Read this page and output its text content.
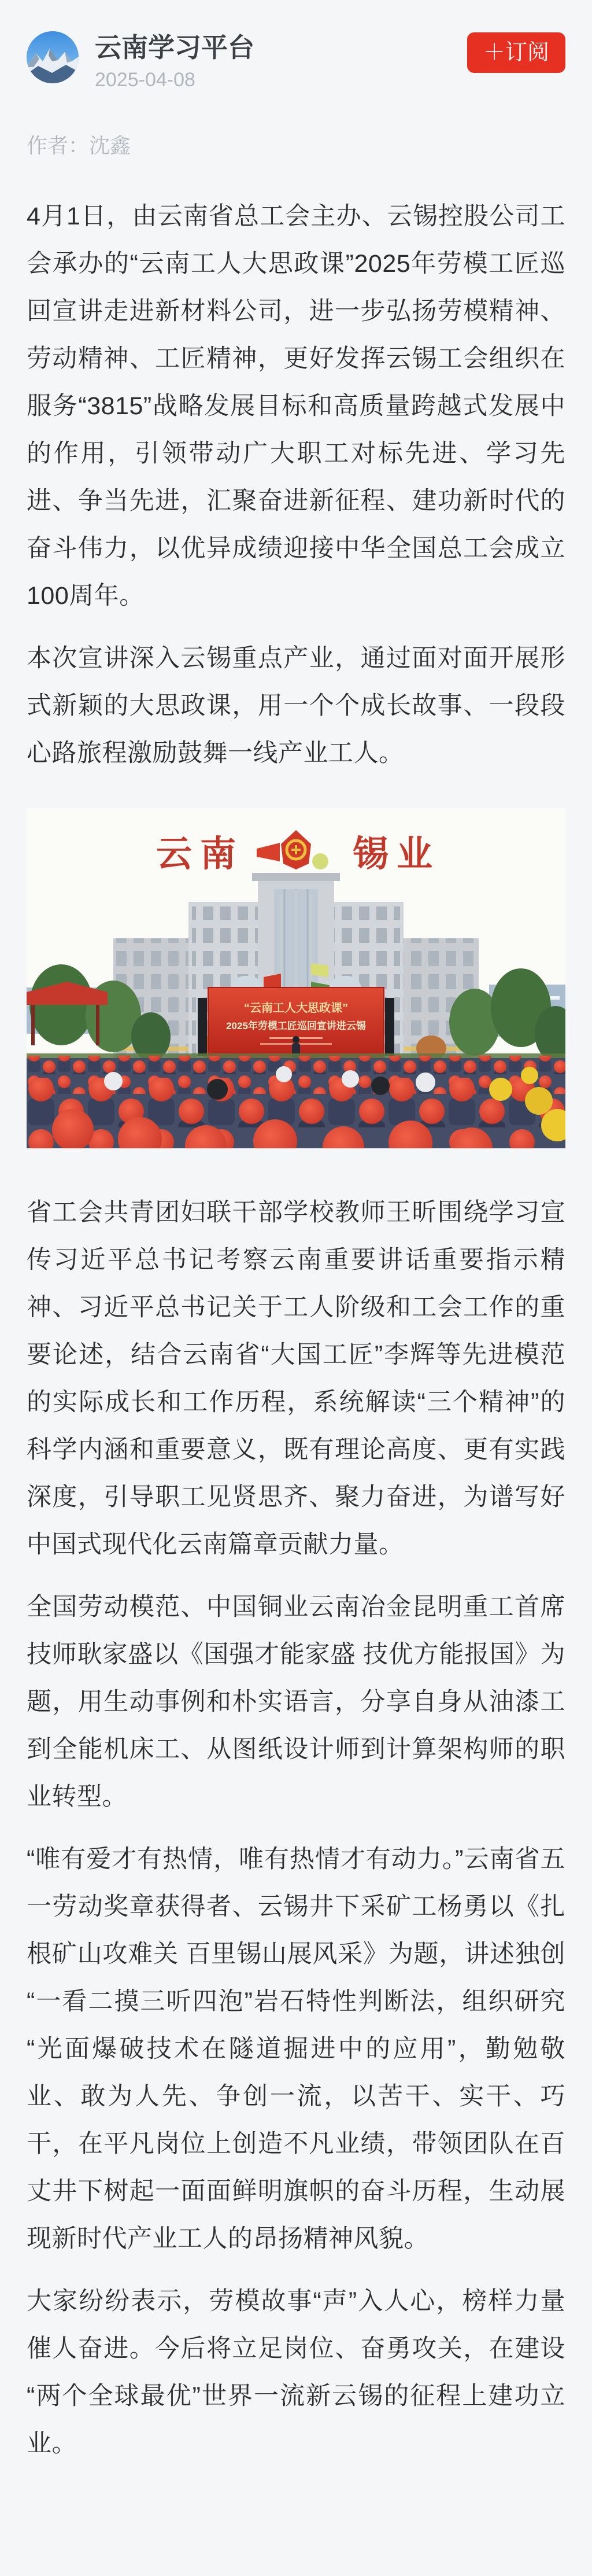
云南学习平台
2025-04-08
＋订阅
作者：沈鑫

4月1日，由云南省总工会主办、云锡控股公司工会承办的“云南工人大思政课”2025年劳模工匠巡回宣讲走进新材料公司，进一步弘扬劳模精神、劳动精神、工匠精神，更好发挥云锡工会组织在服务“3815”战略发展目标和高质量跨越式发展中的作用，引领带动广大职工对标先进、学习先进、争当先进，汇聚奋进新征程、建功新时代的奋斗伟力，以优异成绩迎接中华全国总工会成立100周年。

本次宣讲深入云锡重点产业，通过面对面开展形式新颖的大思政课，用一个个成长故事、一段段心路旅程激励鼓舞一线产业工人。

云南	锡业
“云南工人大思政课”
2025年劳模工匠巡回宣讲进云锡

省工会共青团妇联干部学校教师王昕围绕学习宣传习近平总书记考察云南重要讲话重要指示精神、习近平总书记关于工人阶级和工会工作的重要论述，结合云南省“大国工匠”李辉等先进模范的实际成长和工作历程，系统解读“三个精神”的科学内涵和重要意义，既有理论高度、更有实践深度，引导职工见贤思齐、聚力奋进，为谱写好中国式现代化云南篇章贡献力量。

全国劳动模范、中国铜业云南冶金昆明重工首席技师耿家盛以《国强才能家盛 技优方能报国》为题，用生动事例和朴实语言，分享自身从油漆工到全能机床工、从图纸设计师到计算架构师的职业转型。

“唯有爱才有热情，唯有热情才有动力。”云南省五一劳动奖章获得者、云锡井下采矿工杨勇以《扎根矿山攻难关 百里锡山展风采》为题，讲述独创“一看二摸三听四泡”岩石特性判断法，组织研究“光面爆破技术在隧道掘进中的应用”，勤勉敬业、敢为人先、争创一流，以苦干、实干、巧干，在平凡岗位上创造不凡业绩，带领团队在百丈井下树起一面面鲜明旗帜的奋斗历程，生动展现新时代产业工人的昂扬精神风貌。

大家纷纷表示，劳模故事“声”入人心，榜样力量催人奋进。今后将立足岗位、奋勇攻关，在建设“两个全球最优”世界一流新云锡的征程上建功立业。
